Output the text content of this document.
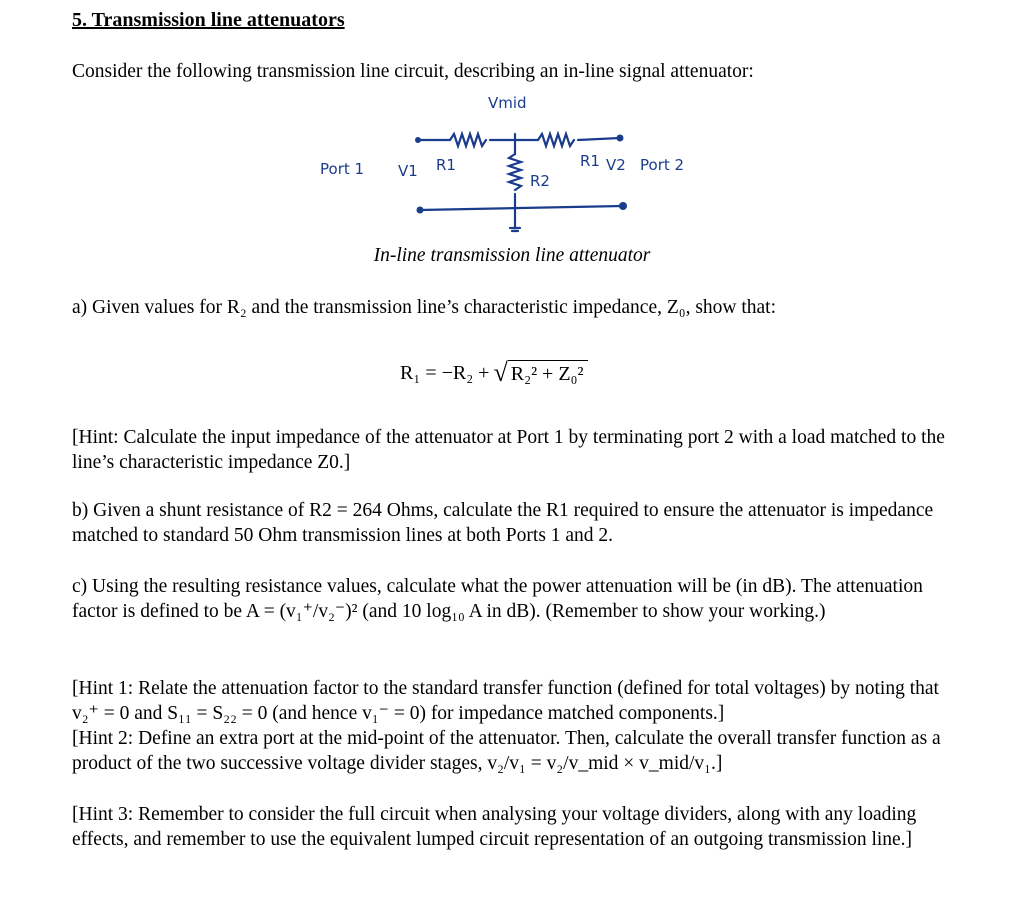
5. Transmission line attenuators
Consider the following transmission line circuit, describing an in-line signal attenuator:
Vmid
Port 1 V1 R1
R2
R1 V2 Port 2
In-line transmission line attenuator
a) Given values for R₂ and the transmission line’s characteristic impedance, Z₀, show that:
R₁ = −R₂ + √ R₂² + Z₀²
[Hint: Calculate the input impedance of the attenuator at Port 1 by terminating port 2 with a load matched to the line’s characteristic impedance Z0.]
b) Given a shunt resistance of R2 = 264 Ohms, calculate the R1 required to ensure the attenuator is impedance matched to standard 50 Ohm transmission lines at both Ports 1 and 2.
c) Using the resulting resistance values, calculate what the power attenuation will be (in dB). The attenuation factor is defined to be A = (v₁⁺/v₂⁻)² (and 10 log₁₀ A in dB). (Remember to show your working.)
[Hint 1: Relate the attenuation factor to the standard transfer function (defined for total voltages) by noting that v₂⁺ = 0 and S₁₁ = S₂₂ = 0 (and hence v₁⁻ = 0) for impedance matched components.]
[Hint 2: Define an extra port at the mid-point of the attenuator. Then, calculate the overall transfer function as a product of the two successive voltage divider stages, v₂/v₁ = v₂/v_mid × v_mid/v₁.]
[Hint 3: Remember to consider the full circuit when analysing your voltage dividers, along with any loading effects, and remember to use the equivalent lumped circuit representation of an outgoing transmission line.]
